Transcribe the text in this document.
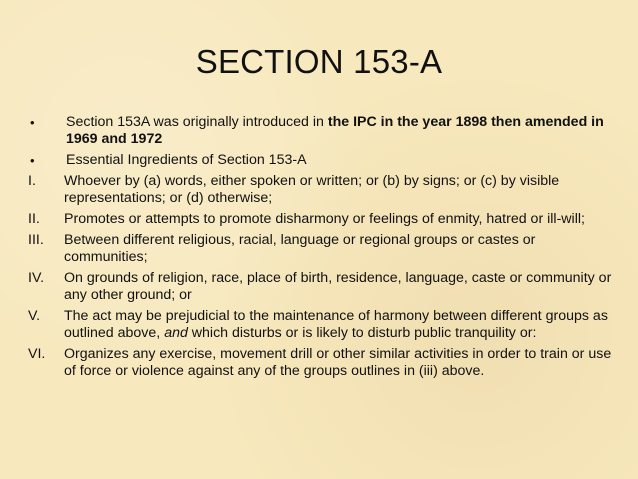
SECTION 153-A
•	Section 153A was originally introduced in the IPC in the year 1898 then amended in 1969 and 1972
•	Essential Ingredients of Section 153-A
I.	Whoever by (a) words, either spoken or written; or (b) by signs; or (c) by visible representations; or (d) otherwise;
II.	Promotes or attempts to promote disharmony or feelings of enmity, hatred or ill-will;
III.	Between different religious, racial, language or regional groups or castes or communities;
IV.	On grounds of religion, race, place of birth, residence, language, caste or community or any other ground; or
V.	The act may be prejudicial to the maintenance of harmony between different groups as outlined above, and which disturbs or is likely to disturb public tranquility or:
VI.	Organizes any exercise, movement drill or other similar activities in order to train or use of force or violence against any of the groups outlines in (iii) above.
